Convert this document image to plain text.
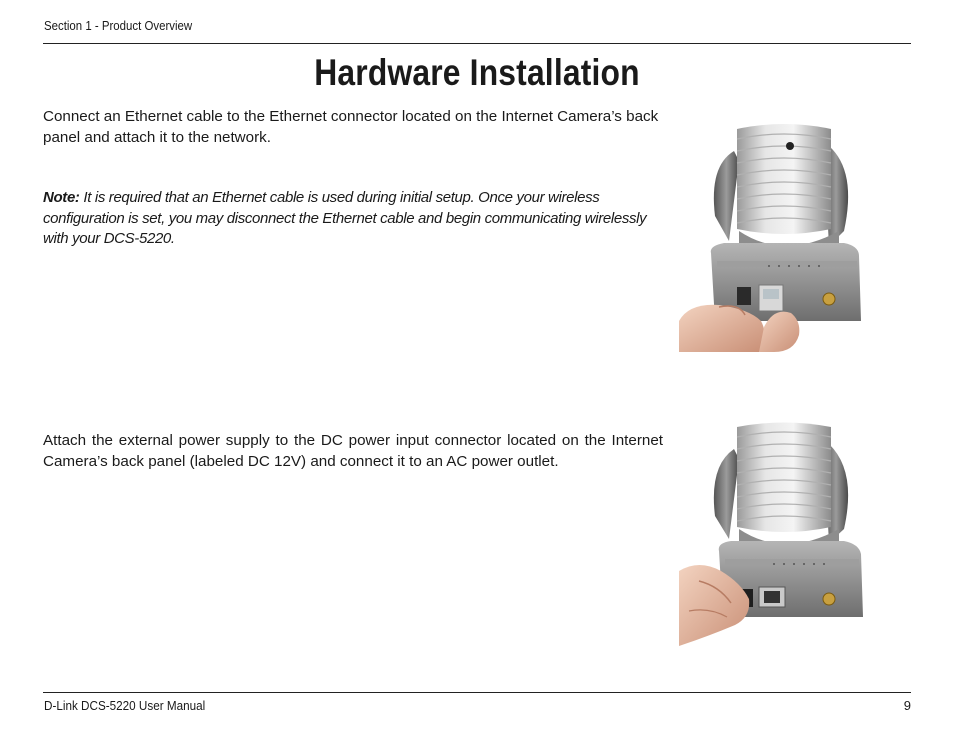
Section 1 - Product Overview
Hardware Installation

Connect an Ethernet cable to the Ethernet connector located on the Internet Camera’s back panel and attach it to the network.

Note: It is required that an Ethernet cable is used during initial setup. Once your wireless configuration is set, you may disconnect the Ethernet cable and begin communicating wirelessly with your DCS-5220.

Attach the external power supply to the DC power input connector located on the Internet Camera’s back panel (labeled DC 12V) and connect it to an AC power outlet.

D-Link DCS-5220 User Manual	9
